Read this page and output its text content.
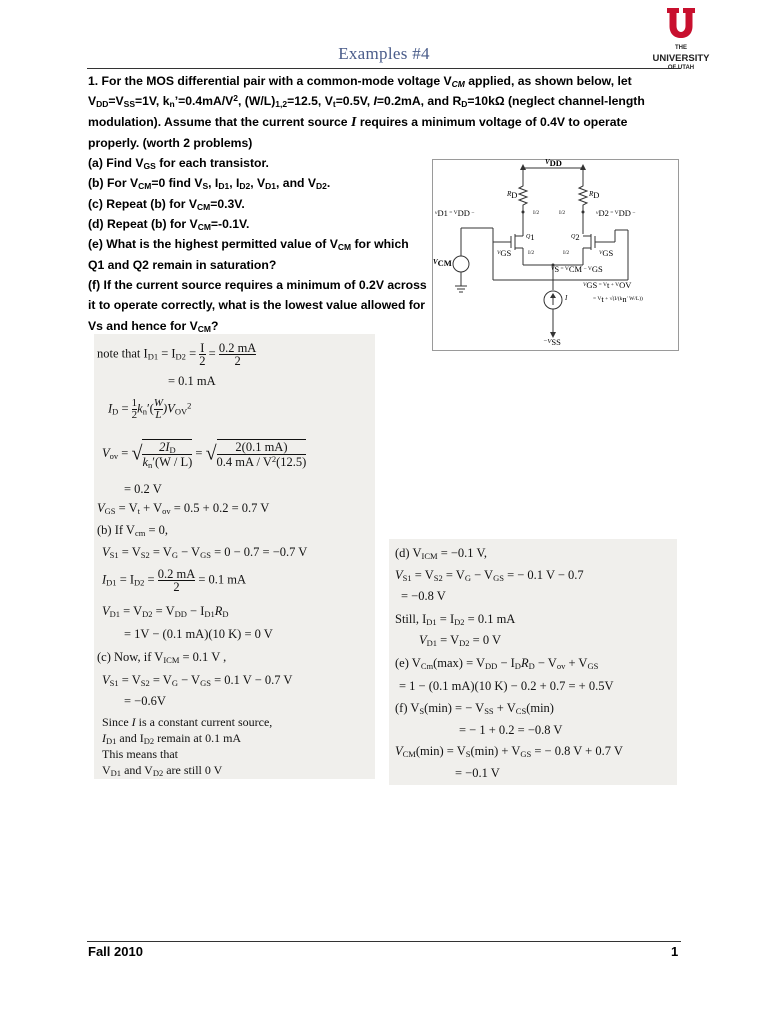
Examples #4	THE
UNIVERSITY
OF UTAH
1. For the MOS differential pair with a common-mode voltage $V_{CM}$ applied, as shown below, let
$V_{DD}=V_{SS}=1V$, $k_n’=0.4mA/V^2$, $(W/L)_{1,2}=12.5$, $V_t=0.5V$, I=0.2mA, and $R_D=10k\Omega$ (neglect channel-length
modulation). Assume that the current source I requires a minimum voltage of 0.4V to operate
properly. (worth 2 problems)
(a) Find $V_{GS}$ for each transistor.
(b) For $V_{CM}=0$ find $V_S$, $I_{D1}$, $I_{D2}$, $V_{D1}$, and $V_{D2}$.
(c) Repeat (b) for $V_{CM}=0.3V$.
(d) Repeat (b) for $V_{CM}=-0.1V$.
(e) What is the highest permitted value of $V_{CM}$ for which
Q1 and Q2 remain in saturation?
(f) If the current source requires a minimum of 0.2V across
it to operate correctly, what is the lowest value allowed for
Vs and hence for $V_{CM}$?
$V_{DD}$
$R_D$	$R_D$
$v_{D1} = V_{DD}$ −	I/2	I/2	$v_{D2} = V_{DD}$ −
$Q_1$	$Q_2$
$V_{GS}$	$V_{GS}$
I/2	I/2
$V_{CM}$
$V_S = V_{CM} - V_{GS}$
I
$V_{GS} = V_t + V_{OV}$
= $V_t + √(I/(k_n'$ W/L))
$-V_{SS}$
note that $I_{D1} = I_{D2} = \frac{I}{2} = \frac{0.2 mA}{2}$
= 0.1 mA
$I_D = \frac{1}{2} k_n'( \frac{W}{L} )V_{OV}^2$
$V_{ov}$ = √ $\frac{2I_D}{k_n'(W / L)}$ = √ $\frac{2(0.1 mA)}{0.4 mA / V^2(12.5)}$
= 0.2 V
$V_{GS} = V_t + V_{ov} = 0.5 + 0.2 = 0.7$ V
(b) If $V_{cm} = 0$,
$V_{S1} = V_{S2} = V_G - V_{GS} = 0 - 0.7 = -0.7$ V
$I_{D1} = I_{D2} = \frac{0.2 mA}{2} = 0.1$ mA
$V_{D1} = V_{D2} = V_{DD} - I_{D1}R_D$
= 1V − (0.1 mA)(10 K) = 0 V
(c) Now, if $V_{ICM} = 0.1$ V ,
$V_{S1} = V_{S2} = V_G - V_{GS} = 0.1$ V − 0.7 V
= −0.6V
Since I is a constant current source,
$I_{D1}$ and $I_{D2}$ remain at 0.1 mA
This means that
$V_{D1}$ and $V_{D2}$ are still 0 V
(d) $V_{ICM} = -0.1$ V,
$V_{S1} = V_{S2} = V_G - V_{GS}$ = − 0.1 V − 0.7
= −0.8 V
Still, $I_{D1} = I_{D2} = 0.1$ mA
$V_{D1} = V_{D2} = 0$ V
(e) $V_{Cm}(\max) = V_{DD} - I_DR_D - V_{ov} + V_{GS}$
= 1 − (0.1 mA)(10 K) − 0.2 + 0.7 = + 0.5V
(f) $V_S(\min)$ = − $V_{SS} + V_{CS}(\min)$
= − 1 + 0.2 = −0.8 V
$V_{CM}(\min) = V_S(\min) + V_{GS}$ = − 0.8 V + 0.7 V
= −0.1 V
Fall 2010	1
